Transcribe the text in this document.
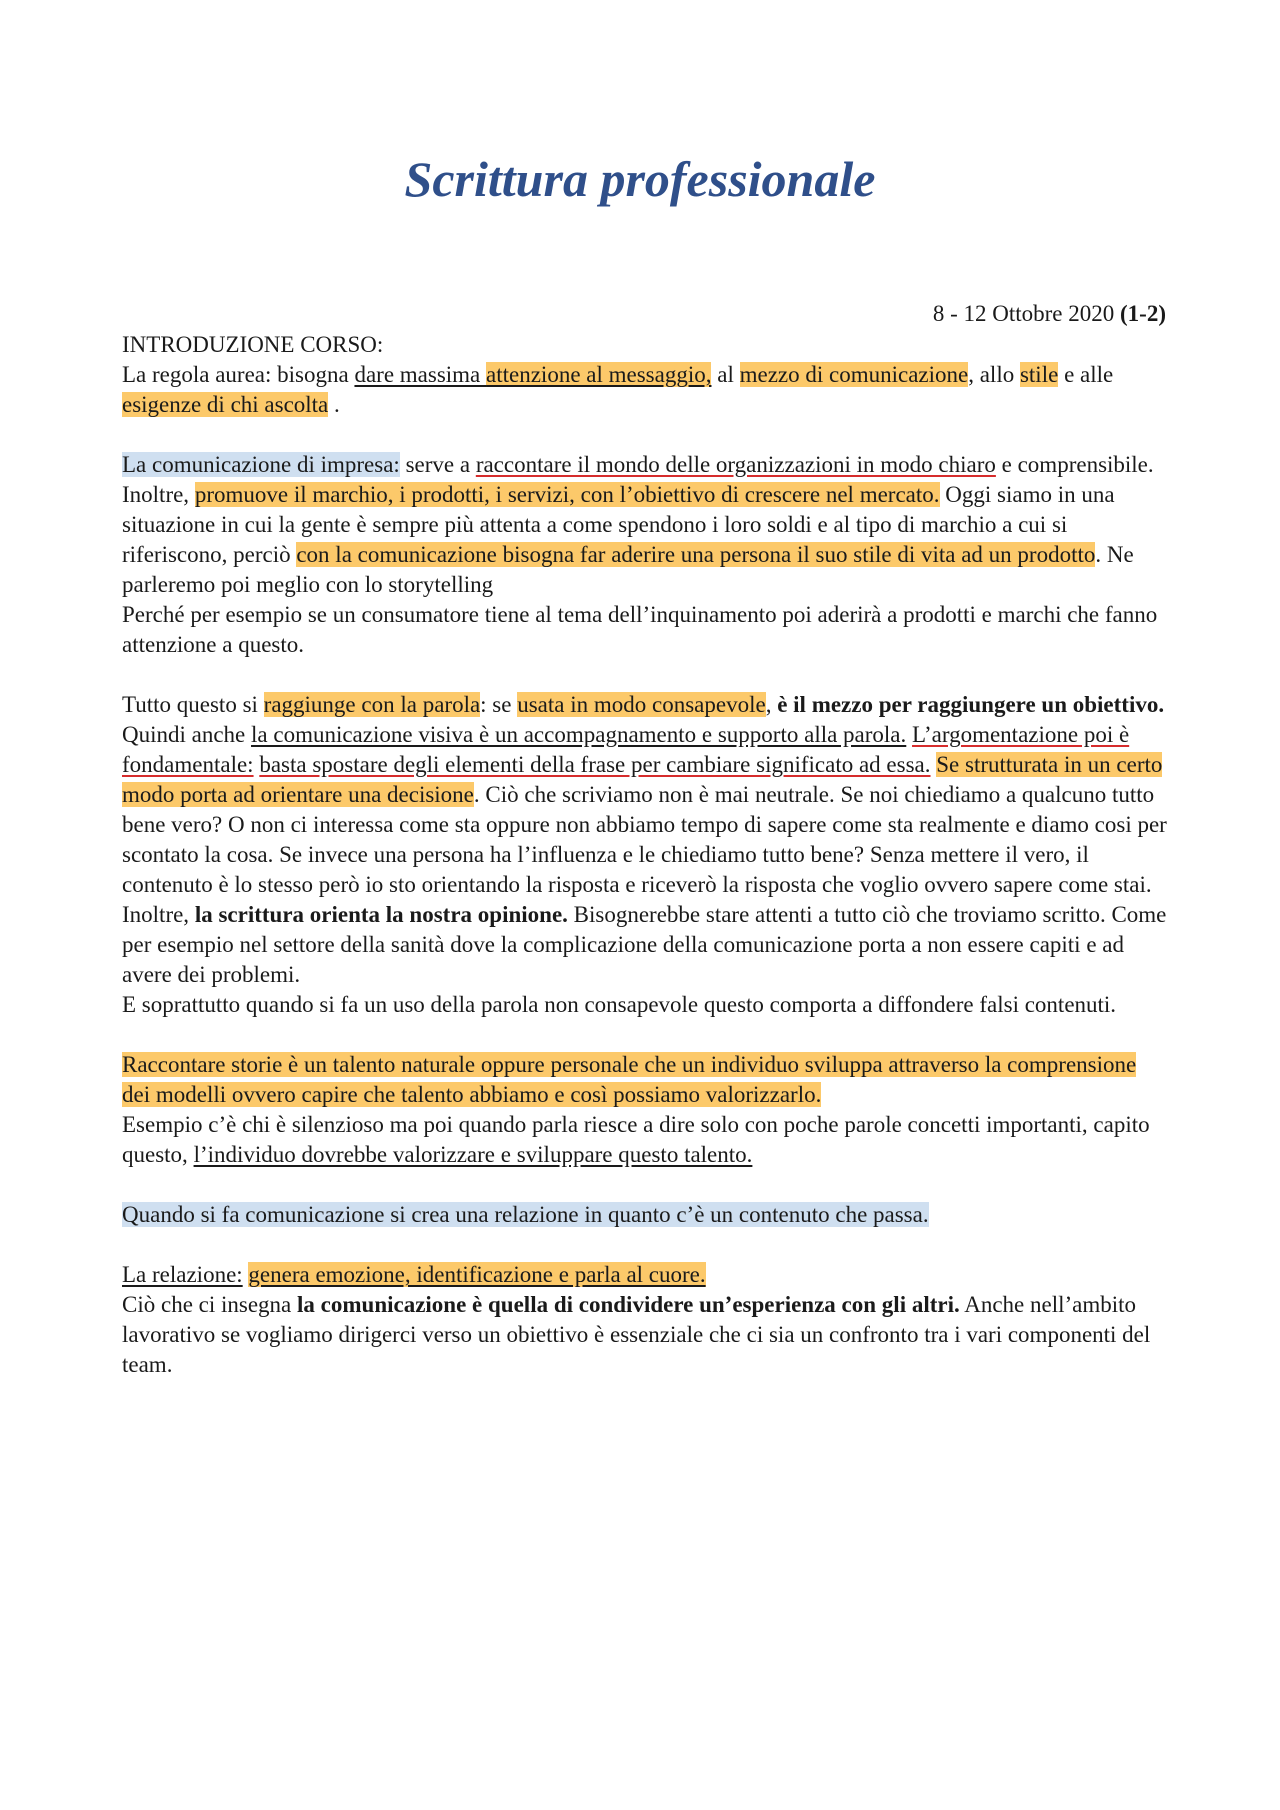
Scrittura professionale
8 - 12 Ottobre 2020 (1-2)

INTRODUZIONE CORSO:

La regola aurea: bisogna dare massima attenzione al messaggio, al mezzo di comunicazione, allo stile e alle esigenze di chi ascolta .

La comunicazione di impresa: serve a raccontare il mondo delle organizzazioni in modo chiaro e comprensibile. Inoltre, promuove il marchio, i prodotti, i servizi, con l’obiettivo di crescere nel mercato. Oggi siamo in una situazione in cui la gente è sempre più attenta a come spendono i loro soldi e al tipo di marchio a cui si riferiscono, perciò con la comunicazione bisogna far aderire una persona il suo stile di vita ad un prodotto. Ne parleremo poi meglio con lo storytelling
Perché per esempio se un consumatore tiene al tema dell’inquinamento poi aderirà a prodotti e marchi che fanno attenzione a questo.

Tutto questo si raggiunge con la parola: se usata in modo consapevole, è il mezzo per raggiungere un obiettivo. Quindi anche la comunicazione visiva è un accompagnamento e supporto alla parola. L’argomentazione poi è fondamentale: basta spostare degli elementi della frase per cambiare significato ad essa. Se strutturata in un certo modo porta ad orientare una decisione. Ciò che scriviamo non è mai neutrale. Se noi chiediamo a qualcuno tutto bene vero? O non ci interessa come sta oppure non abbiamo tempo di sapere come sta realmente e diamo cosi per scontato la cosa. Se invece una persona ha l’influenza e le chiediamo tutto bene? Senza mettere il vero, il contenuto è lo stesso però io sto orientando la risposta e riceverò la risposta che voglio ovvero sapere come stai.
Inoltre, la scrittura orienta la nostra opinione. Bisognerebbe stare attenti a tutto ciò che troviamo scritto. Come per esempio nel settore della sanità dove la complicazione della comunicazione porta a non essere capiti e ad avere dei problemi.
E soprattutto quando si fa un uso della parola non consapevole questo comporta a diffondere falsi contenuti.

Raccontare storie è un talento naturale oppure personale che un individuo sviluppa attraverso la comprensione dei modelli ovvero capire che talento abbiamo e così possiamo valorizzarlo.
Esempio c’è chi è silenzioso ma poi quando parla riesce a dire solo con poche parole concetti importanti, capito questo, l’individuo dovrebbe valorizzare e sviluppare questo talento.

Quando si fa comunicazione si crea una relazione in quanto c’è un contenuto che passa.

La relazione: genera emozione, identificazione e parla al cuore.
Ciò che ci insegna la comunicazione è quella di condividere un’esperienza con gli altri. Anche nell’ambito lavorativo se vogliamo dirigerci verso un obiettivo è essenziale che ci sia un confronto tra i vari componenti del team.
